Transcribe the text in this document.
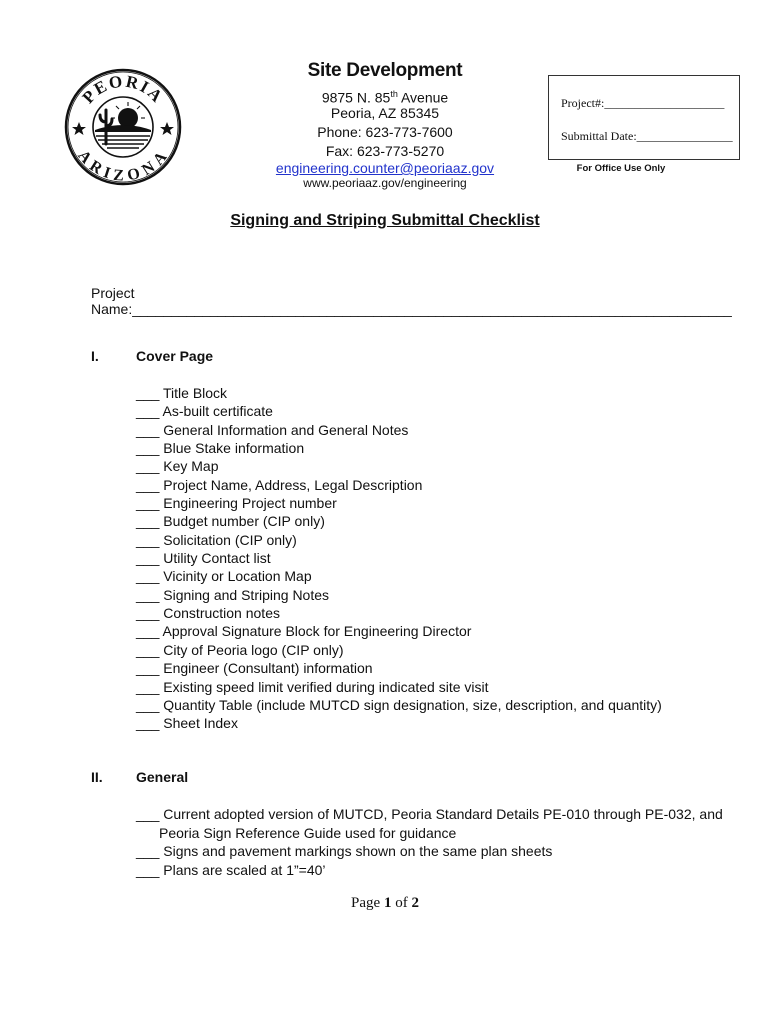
PEORIA
ARIZONA
Site Development
9875 N. 85th Avenue
Peoria, AZ 85345
Phone: 623-773-7600
Fax: 623-773-5270
engineering.counter@peoriaaz.gov
www.peoriaaz.gov/engineering
Project#:____________________
Submittal Date:________________
For Office Use Only
Signing and Striping Submittal Checklist
Project Name:_____________________________________________________________________________
I.	Cover Page
___ Title Block
___ As-built certificate
___ General Information and General Notes
___ Blue Stake information
___ Key Map
___ Project Name, Address, Legal Description
___ Engineering Project number
___ Budget number (CIP only)
___ Solicitation (CIP only)
___ Utility Contact list
___ Vicinity or Location Map
___ Signing and Striping Notes
___ Construction notes
___ Approval Signature Block for Engineering Director
___ City of Peoria logo (CIP only)
___ Engineer (Consultant) information
___ Existing speed limit verified during indicated site visit
___ Quantity Table (include MUTCD sign designation, size, description, and quantity)
___ Sheet Index
II. General
___ Current adopted version of MUTCD, Peoria Standard Details PE-010 through PE-032, and
Peoria Sign Reference Guide used for guidance
___ Signs and pavement markings shown on the same plan sheets
___ Plans are scaled at 1”=40’
Page 1 of 2
